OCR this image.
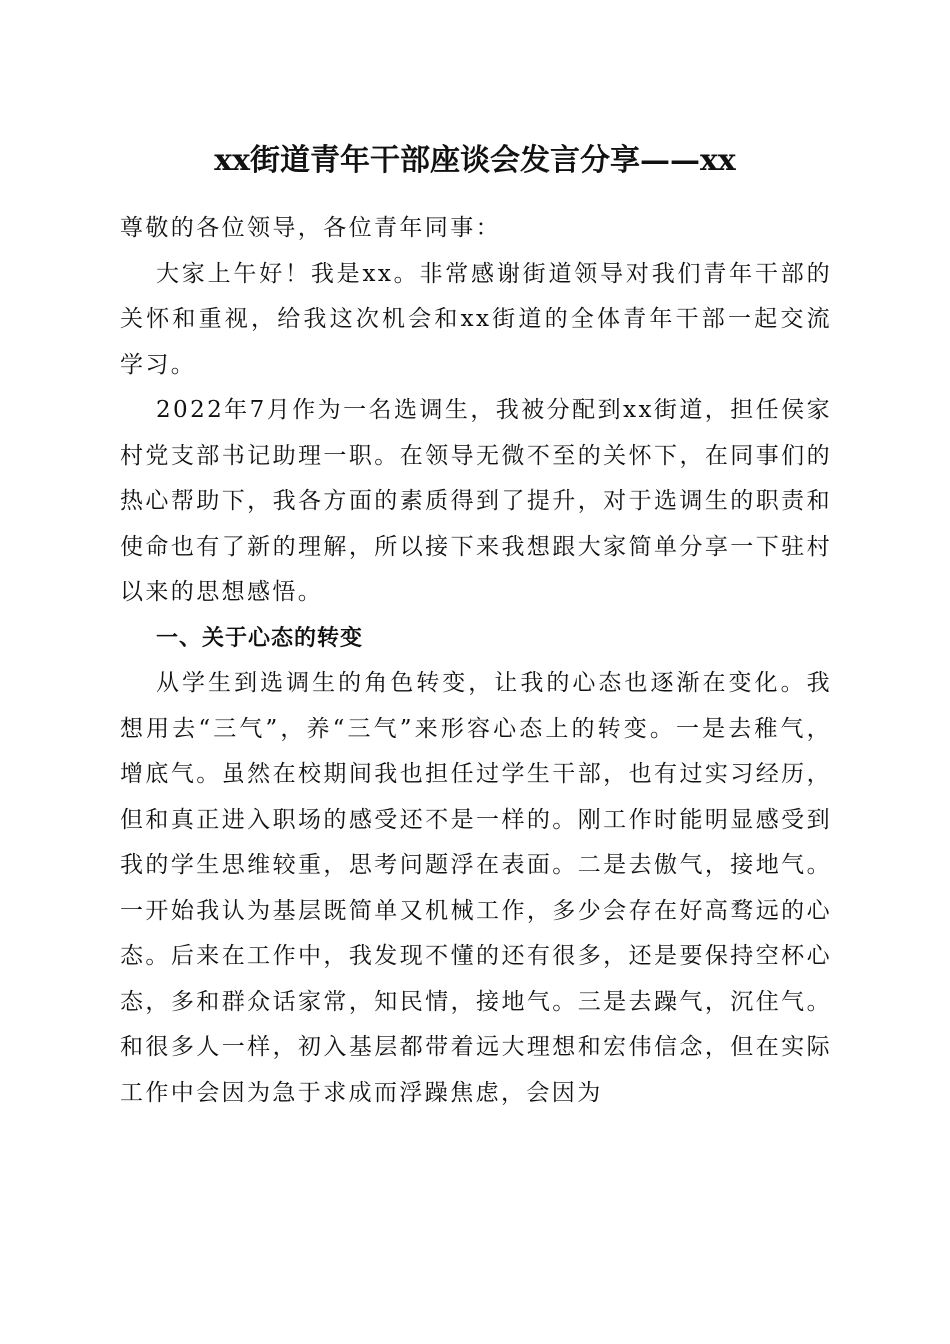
xx街道青年干部座谈会发言分享——xx

尊敬的各位领导，各位青年同事：

大家上午好！我是xx。非常感谢街道领导对我们青年干部的关怀和重视，给我这次机会和xx街道的全体青年干部一起交流学习。

2022年7月作为一名选调生，我被分配到xx街道，担任侯家村党支部书记助理一职。在领导无微不至的关怀下，在同事们的热心帮助下，我各方面的素质得到了提升，对于选调生的职责和使命也有了新的理解，所以接下来我想跟大家简单分享一下驻村以来的思想感悟。

一、关于心态的转变

从学生到选调生的角色转变，让我的心态也逐渐在变化。我想用去“三气”，养“三气”来形容心态上的转变。一是去稚气，增底气。虽然在校期间我也担任过学生干部，也有过实习经历，但和真正进入职场的感受还不是一样的。刚工作时能明显感受到我的学生思维较重，思考问题浮在表面。二是去傲气，接地气。一开始我认为基层既简单又机械工作，多少会存在好高骛远的心态。后来在工作中，我发现不懂的还有很多，还是要保持空杯心态，多和群众话家常，知民情，接地气。三是去躁气，沉住气。和很多人一样，初入基层都带着远大理想和宏伟信念，但在实际工作中会因为急于求成而浮躁焦虑，会因为
